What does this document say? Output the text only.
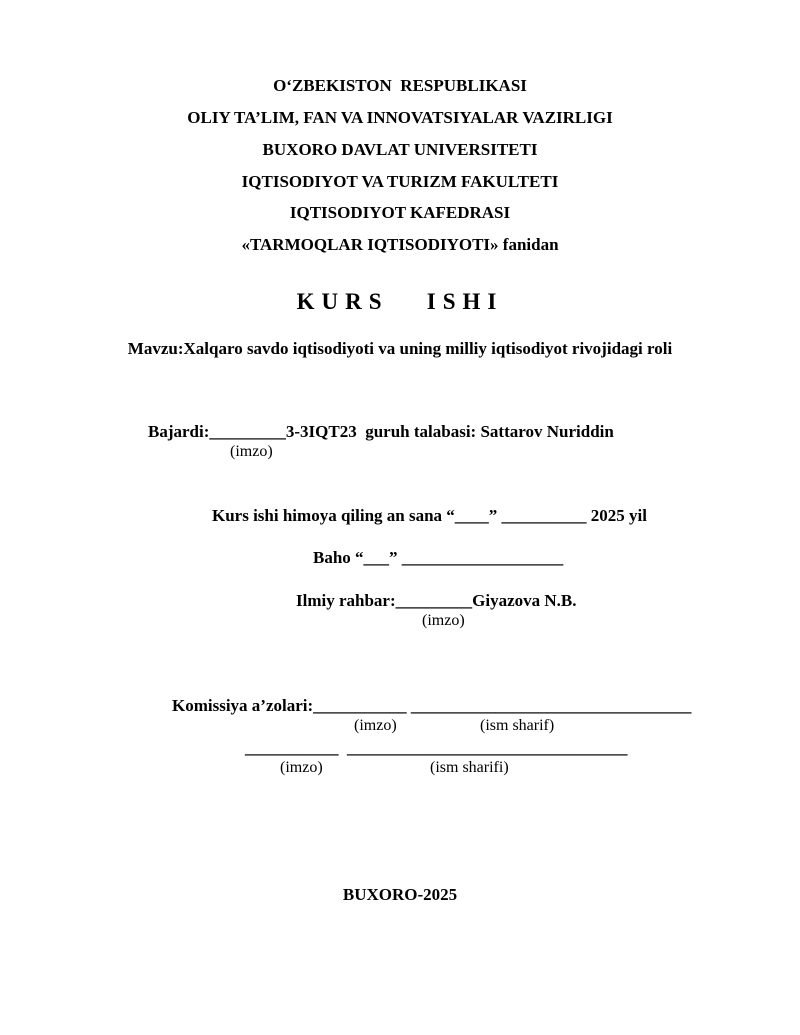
O‘ZBEKISTON  RESPUBLIKASI
OLIY TA’LIM, FAN VA INNOVATSIYALAR VAZIRLIGI
BUXORO DAVLAT UNIVERSITETI
IQTISODIYOT VA TURIZM FAKULTETI
IQTISODIYOT KAFEDRASI
«TARMOQLAR IQTISODIYOTI» fanidan
KURS   ISHI
Mavzu:Xalqaro savdo iqtisodiyoti va uning milliy iqtisodiyot rivojidagi roli
Bajardi:_________3-3IQT23  guruh talabasi: Sattarov Nuriddin
(imzo)
Kurs ishi himoya qiling an sana “____” __________ 2025 yil
Baho “___” ___________________
Ilmiy rahbar:_________Giyazova N.B.
(imzo)
Komissiya a’zolari:___________ _________________________________
(imzo)	(ism sharif)
___________  _________________________________
(imzo)	(ism sharifi)
BUXORO-2025
